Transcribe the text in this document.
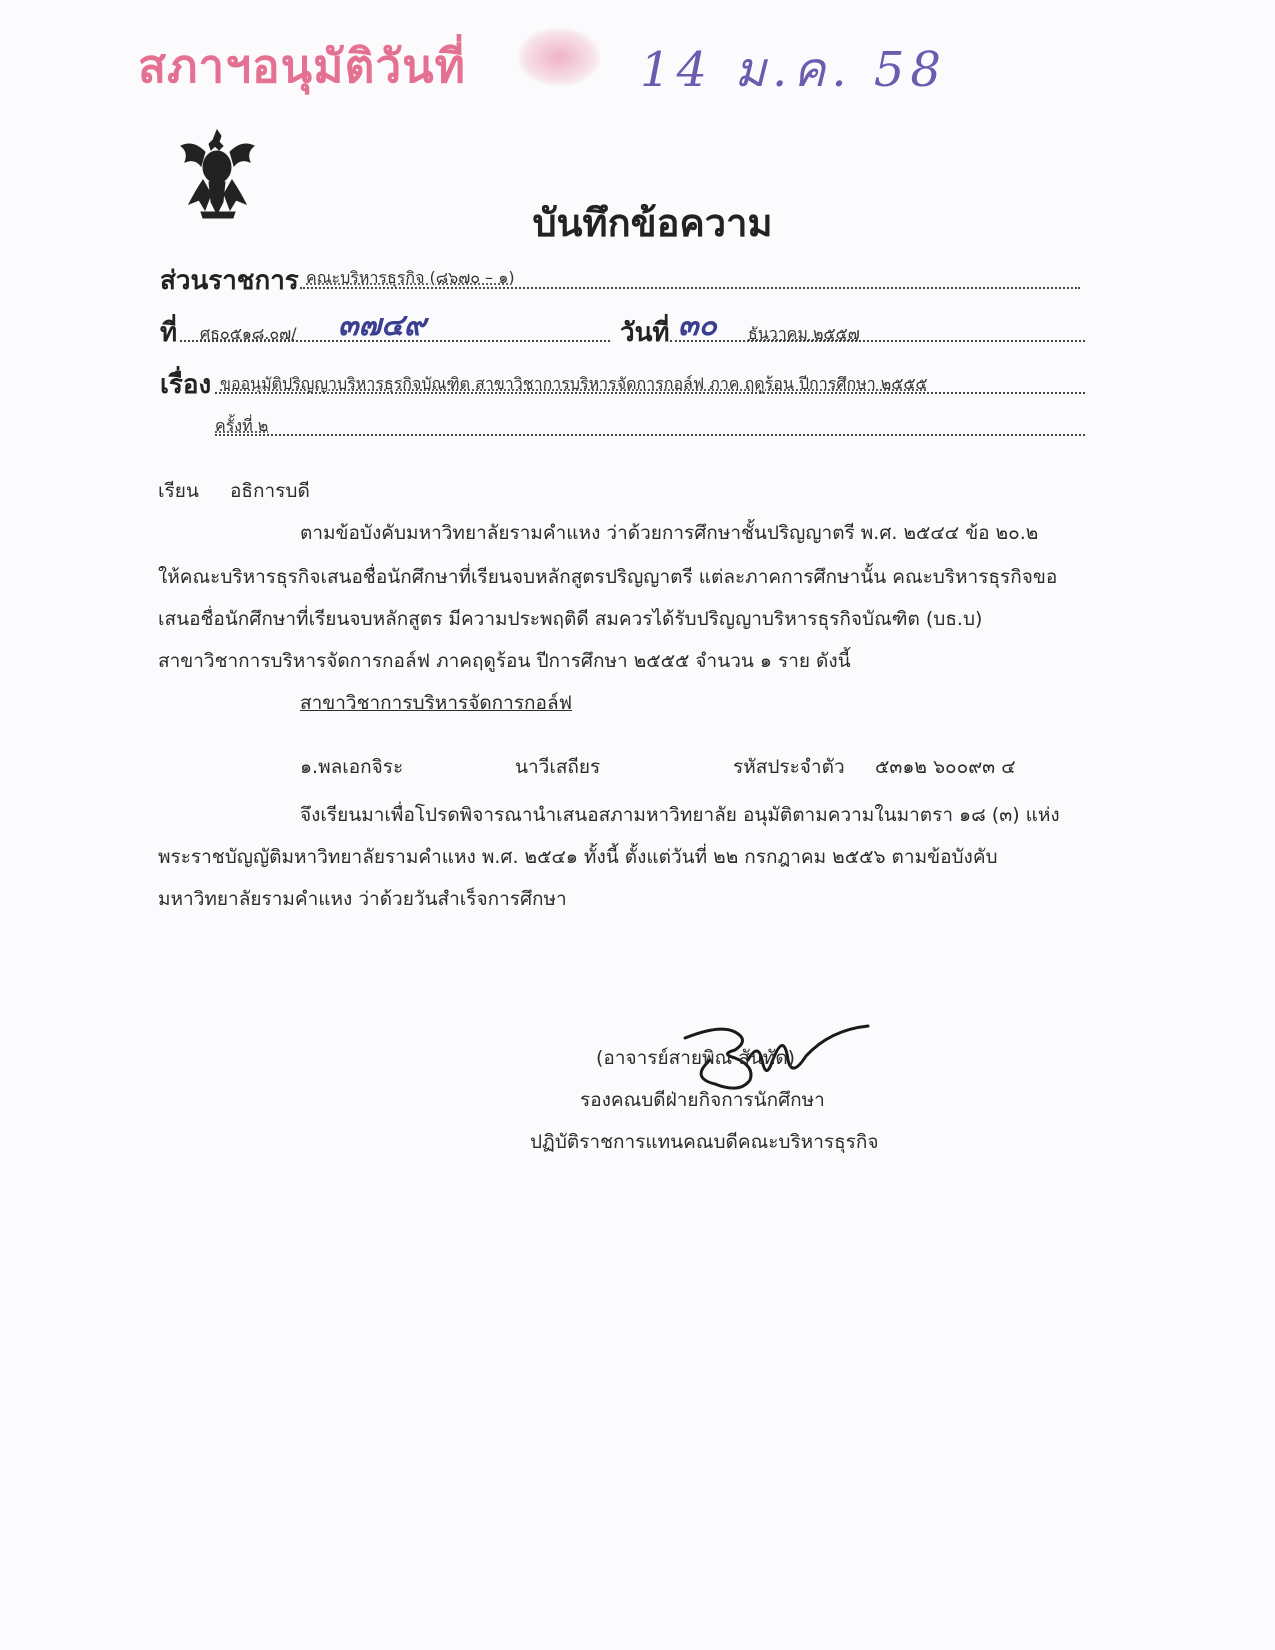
สภาฯอนุมัติวันที่	14 ม.ค. 58
บันทึกข้อความ
ส่วนราชการ คณะบริหารธุรกิจ (๘๖๗๐ – ๑)
ที่ ศธ๐๕๑๘.๐๗/ ๓๗๔๙	วันที่ ๓๐ ธันวาคม ๒๕๕๗
เรื่อง ขออนุมัติปริญญาบริหารธุรกิจบัณฑิต สาขาวิชาการบริหารจัดการกอล์ฟ ภาค ฤดูร้อน ปีการศึกษา ๒๕๕๕
ครั้งที่ ๒
เรียน อธิการบดี
ตามข้อบังคับมหาวิทยาลัยรามคำแหง ว่าด้วยการศึกษาชั้นปริญญาตรี พ.ศ. ๒๕๔๔ ข้อ ๒๐.๒
ให้คณะบริหารธุรกิจเสนอชื่อนักศึกษาที่เรียนจบหลักสูตรปริญญาตรี แต่ละภาคการศึกษานั้น คณะบริหารธุรกิจขอ
เสนอชื่อนักศึกษาที่เรียนจบหลักสูตร มีความประพฤติดี สมควรได้รับปริญญาบริหารธุรกิจบัณฑิต (บธ.บ)
สาขาวิชาการบริหารจัดการกอล์ฟ ภาคฤดูร้อน ปีการศึกษา ๒๕๕๕ จำนวน ๑ ราย ดังนี้
สาขาวิชาการบริหารจัดการกอล์ฟ
๑.พลเอกจิระ	นาวีเสถียร	รหัสประจำตัว ๕๓๑๒ ๖๐๐๙๓ ๔
จึงเรียนมาเพื่อโปรดพิจารณานำเสนอสภามหาวิทยาลัย อนุมัติตามความในมาตรา ๑๘ (๓) แห่ง
พระราชบัญญัติมหาวิทยาลัยรามคำแหง พ.ศ. ๒๕๔๑ ทั้งนี้ ตั้งแต่วันที่ ๒๒ กรกฎาคม ๒๕๕๖ ตามข้อบังคับ
มหาวิทยาลัยรามคำแหง ว่าด้วยวันสำเร็จการศึกษา
(อาจารย์สายพิณ สันทัด)
รองคณบดีฝ่ายกิจการนักศึกษา
ปฏิบัติราชการแทนคณบดีคณะบริหารธุรกิจ
